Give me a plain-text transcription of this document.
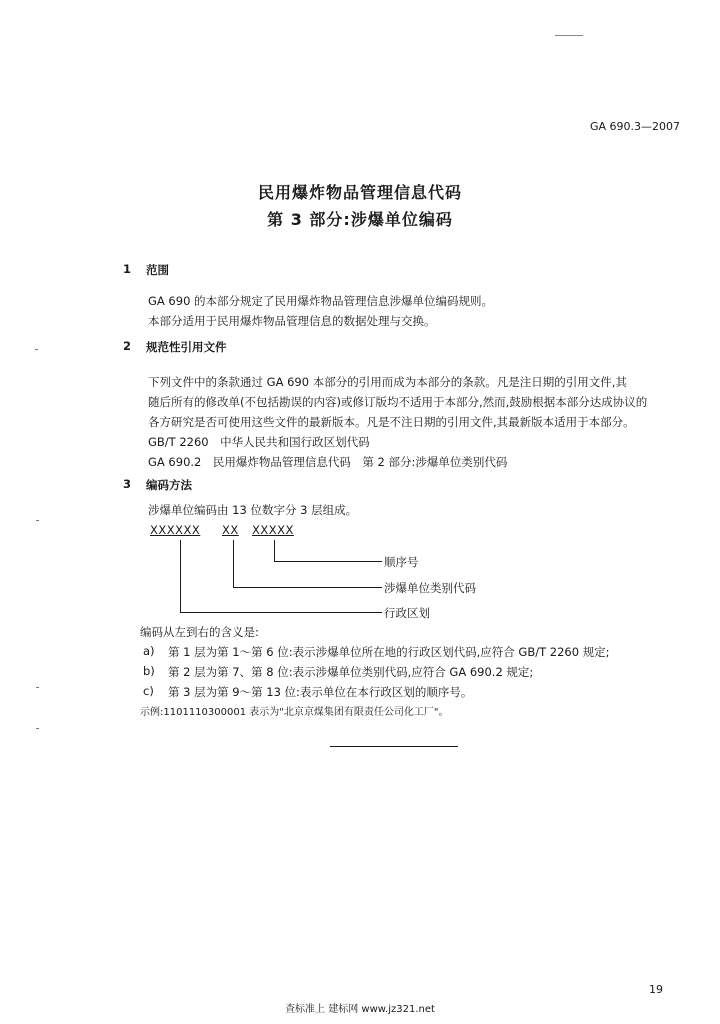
GA 690.3—2007
民用爆炸物品管理信息代码
第 3 部分:涉爆单位编码
1 范围
GA 690 的本部分规定了民用爆炸物品管理信息涉爆单位编码规则。
本部分适用于民用爆炸物品管理信息的数据处理与交换。
2 规范性引用文件
下列文件中的条款通过 GA 690 本部分的引用而成为本部分的条款。凡是注日期的引用文件,其
随后所有的修改单(不包括勘误的内容)或修订版均不适用于本部分,然而,鼓励根据本部分达成协议的
各方研究是否可使用这些文件的最新版本。凡是不注日期的引用文件,其最新版本适用于本部分。
GB/T 2260　中华人民共和国行政区划代码
GA 690.2　民用爆炸物品管理信息代码　第 2 部分:涉爆单位类别代码
3 编码方法
涉爆单位编码由 13 位数字分 3 层组成。
XXXXXX XX XXXXX
顺序号
涉爆单位类别代码
行政区划
编码从左到右的含义是:
a) 第 1 层为第 1～第 6 位:表示涉爆单位所在地的行政区划代码,应符合 GB/T 2260 规定;
b) 第 2 层为第 7、第 8 位:表示涉爆单位类别代码,应符合 GA 690.2 规定;
c) 第 3 层为第 9～第 13 位:表示单位在本行政区划的顺序号。
示例:1101110300001 表示为"北京京煤集团有限责任公司化工厂"。
19
查标准上 建标网 www.jz321.net
